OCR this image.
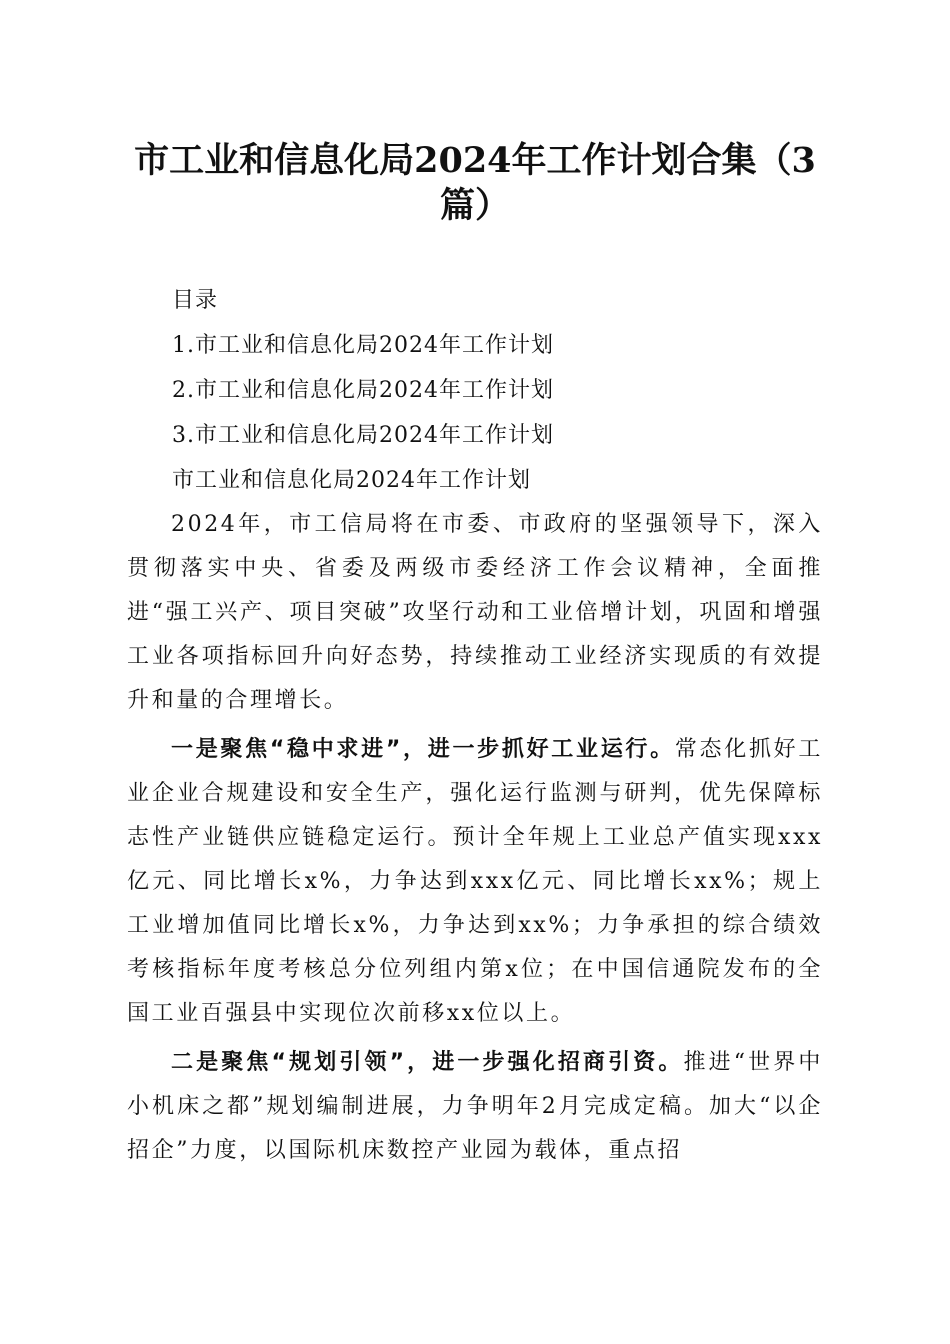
市工业和信息化局2024年工作计划合集（3
篇）
目录
1.市工业和信息化局2024年工作计划
2.市工业和信息化局2024年工作计划
3.市工业和信息化局2024年工作计划
市工业和信息化局2024年工作计划

2024年，市工信局将在市委、市政府的坚强领导下，深入贯彻落实中央、省委及两级市委经济工作会议精神，全面推进“强工兴产、项目突破”攻坚行动和工业倍增计划，巩固和增强工业各项指标回升向好态势，持续推动工业经济实现质的有效提升和量的合理增长。

一是聚焦“稳中求进”，进一步抓好工业运行。常态化抓好工业企业合规建设和安全生产，强化运行监测与研判，优先保障标志性产业链供应链稳定运行。预计全年规上工业总产值实现xxx亿元、同比增长x%，力争达到xxx亿元、同比增长xx%；规上工业增加值同比增长x%，力争达到xx%；力争承担的综合绩效考核指标年度考核总分位列组内第x位；在中国信通院发布的全国工业百强县中实现位次前移xx位以上。

二是聚焦“规划引领”，进一步强化招商引资。推进“世界中小机床之都”规划编制进展，力争明年2月完成定稿。加大“以企招企”力度，以国际机床数控产业园为载体，重点招
